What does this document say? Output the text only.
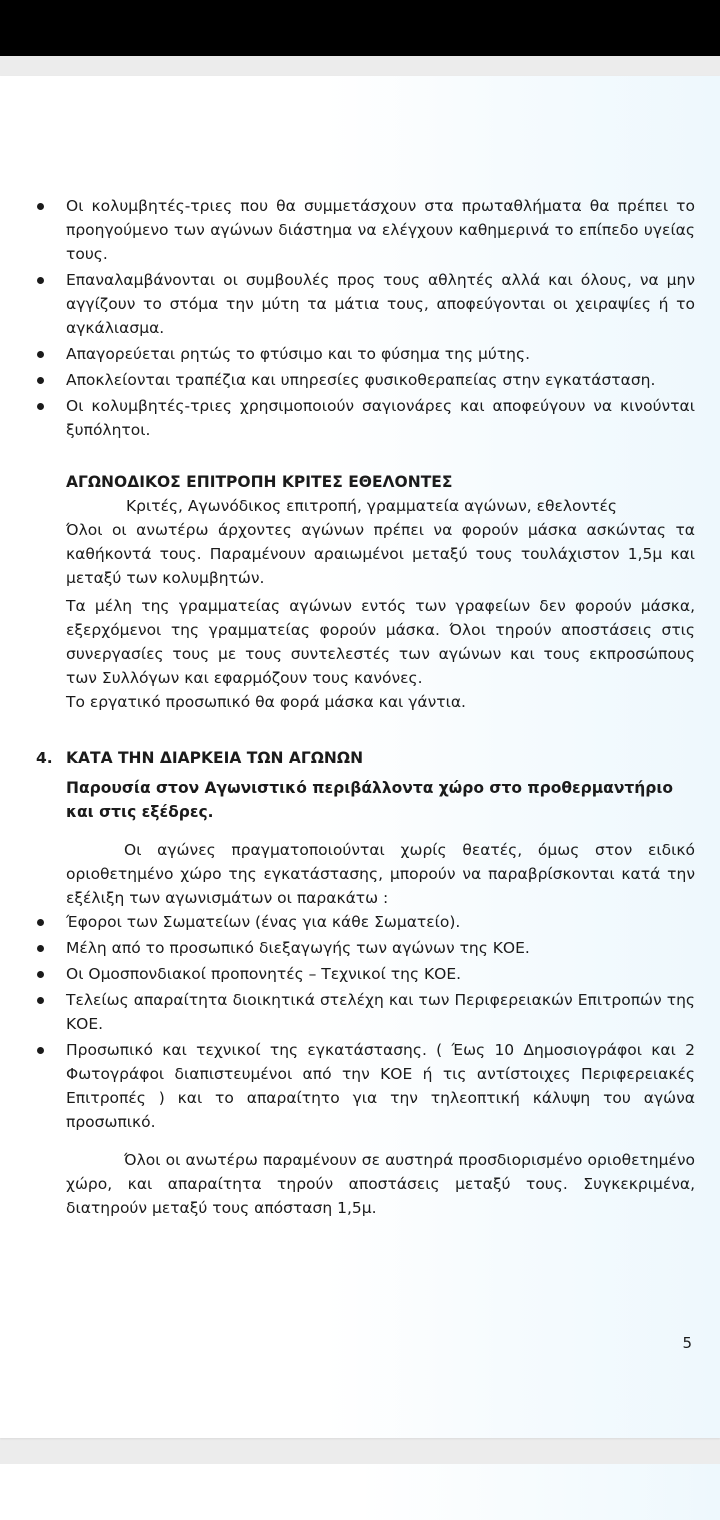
Οι κολυμβητές-τριες που θα συμμετάσχουν στα πρωταθλήματα θα πρέπει το προηγούμενο των αγώνων διάστημα να ελέγχουν καθημερινά το επίπεδο υγείας τους.
Επαναλαμβάνονται οι συμβουλές προς τους αθλητές αλλά και όλους, να μην αγγίζουν το στόμα την μύτη τα μάτια τους, αποφεύγονται οι χειραψίες ή το αγκάλιασμα.
Απαγορεύεται ρητώς το φτύσιμο και το φύσημα της μύτης.
Αποκλείονται τραπέζια και υπηρεσίες φυσικοθεραπείας στην εγκατάσταση.
Οι κολυμβητές-τριες χρησιμοποιούν σαγιονάρες και αποφεύγουν να κινούνται ξυπόλητοι.
ΑΓΩΝΟΔΙΚΟΣ ΕΠΙΤΡΟΠΗ ΚΡΙΤΕΣ ΕΘΕΛΟΝΤΕΣ
Κριτές, Αγωνόδικος επιτροπή, γραμματεία αγώνων, εθελοντές
Όλοι οι ανωτέρω άρχοντες αγώνων πρέπει να φορούν μάσκα ασκώντας τα καθήκοντά τους. Παραμένουν αραιωμένοι μεταξύ τους τουλάχιστον 1,5μ και μεταξύ των κολυμβητών.
Τα μέλη της γραμματείας αγώνων εντός των γραφείων δεν φορούν μάσκα, εξερχόμενοι της γραμματείας φορούν μάσκα. Όλοι τηρούν αποστάσεις στις συνεργασίες τους με τους συντελεστές των αγώνων και τους εκπροσώπους των Συλλόγων και εφαρμόζουν τους κανόνες.
Το εργατικό προσωπικό θα φορά μάσκα και γάντια.
4. ΚΑΤΑ ΤΗΝ ΔΙΑΡΚΕΙΑ ΤΩΝ ΑΓΩΝΩΝ
Παρουσία στον Αγωνιστικό περιβάλλοντα χώρο στο προθερμαντήριο και στις εξέδρες.
Οι αγώνες πραγματοποιούνται χωρίς θεατές, όμως στον ειδικό οριοθετημένο χώρο της εγκατάστασης, μπορούν να παραβρίσκονται κατά την εξέλιξη των αγωνισμάτων οι παρακάτω :
Έφοροι των Σωματείων (ένας για κάθε Σωματείο).
Μέλη από το προσωπικό διεξαγωγής των αγώνων της ΚΟΕ.
Οι Ομοσπονδιακοί προπονητές – Τεχνικοί της ΚΟΕ.
Τελείως απαραίτητα διοικητικά στελέχη και των Περιφερειακών Επιτροπών της ΚΟΕ.
Προσωπικό και τεχνικοί της εγκατάστασης. ( Έως 10 Δημοσιογράφοι και 2 Φωτογράφοι διαπιστευμένοι από την ΚΟΕ ή τις αντίστοιχες Περιφερειακές Επιτροπές ) και το απαραίτητο για την τηλεοπτική κάλυψη του αγώνα προσωπικό.
Όλοι οι ανωτέρω παραμένουν σε αυστηρά προσδιορισμένο οριοθετημένο χώρο, και απαραίτητα τηρούν αποστάσεις μεταξύ τους. Συγκεκριμένα, διατηρούν μεταξύ τους απόσταση 1,5μ.
5
